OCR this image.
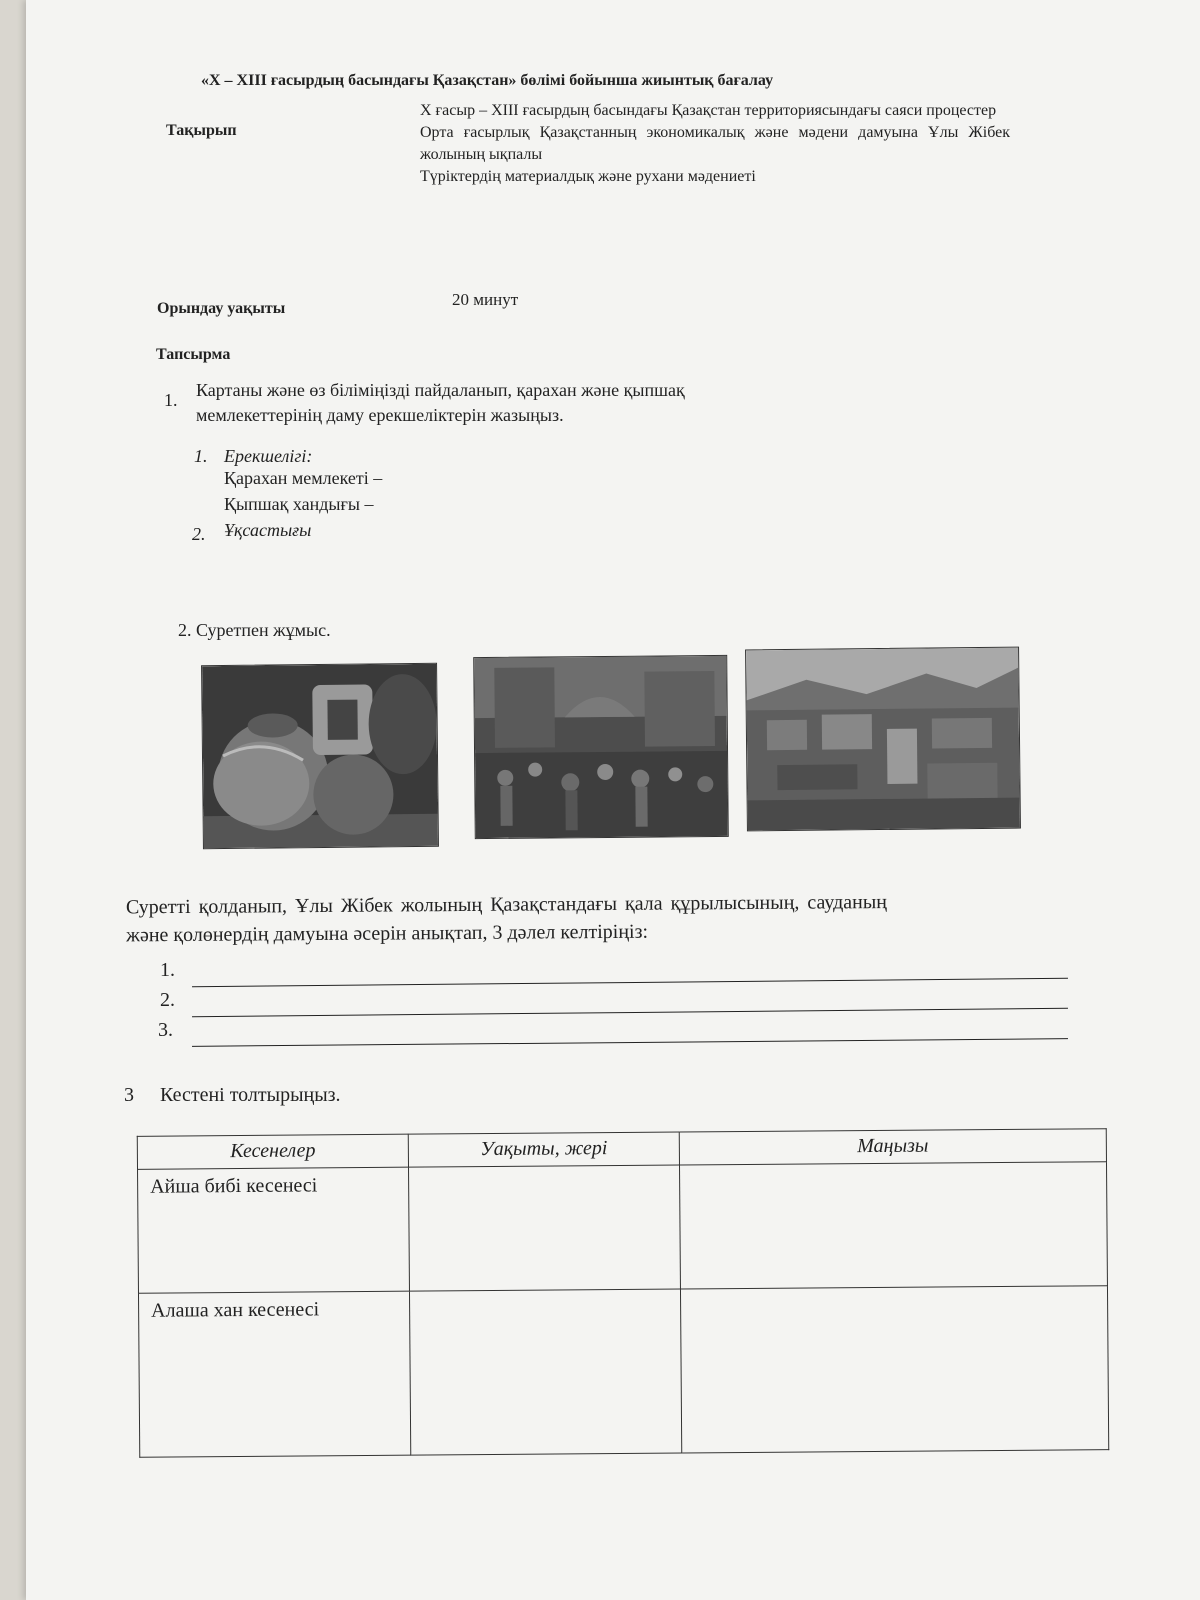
«X – XIII ғасырдың басындағы Қазақстан» бөлімі бойынша жиынтық бағалау
Тақырып
X ғасыр – XIII ғасырдың басындағы Қазақстан территориясындағы саяси процестер
Орта ғасырлық Қазақстанның экономикалық және мәдени дамуына Ұлы Жібек жолының ықпалы
Түріктердің материалдық және рухани мәдениеті
Орындау уақыты	20 минут
Тапсырма
1. Картаны және өз біліміңізді пайдаланып, қарахан және қыпшақ
мемлекеттерінің даму ерекшеліктерін жазыңыз.
1. Ерекшелігі:
Қарахан мемлекеті –
Қыпшақ хандығы –
2. Ұқсастығы
2. Суретпен жұмыс.
Суретті қолданып, Ұлы Жібек жолының Қазақстандағы қала құрылысының, сауданың
және қолөнердің дамуына әсерін анықтап, 3 дәлел келтіріңіз:
1.
2.
3.
3 Кестені толтырыңыз.
Кесенелер	Уақыты, жері	Маңызы
Айша бибі кесенесі		
Алаша хан кесенесі		
